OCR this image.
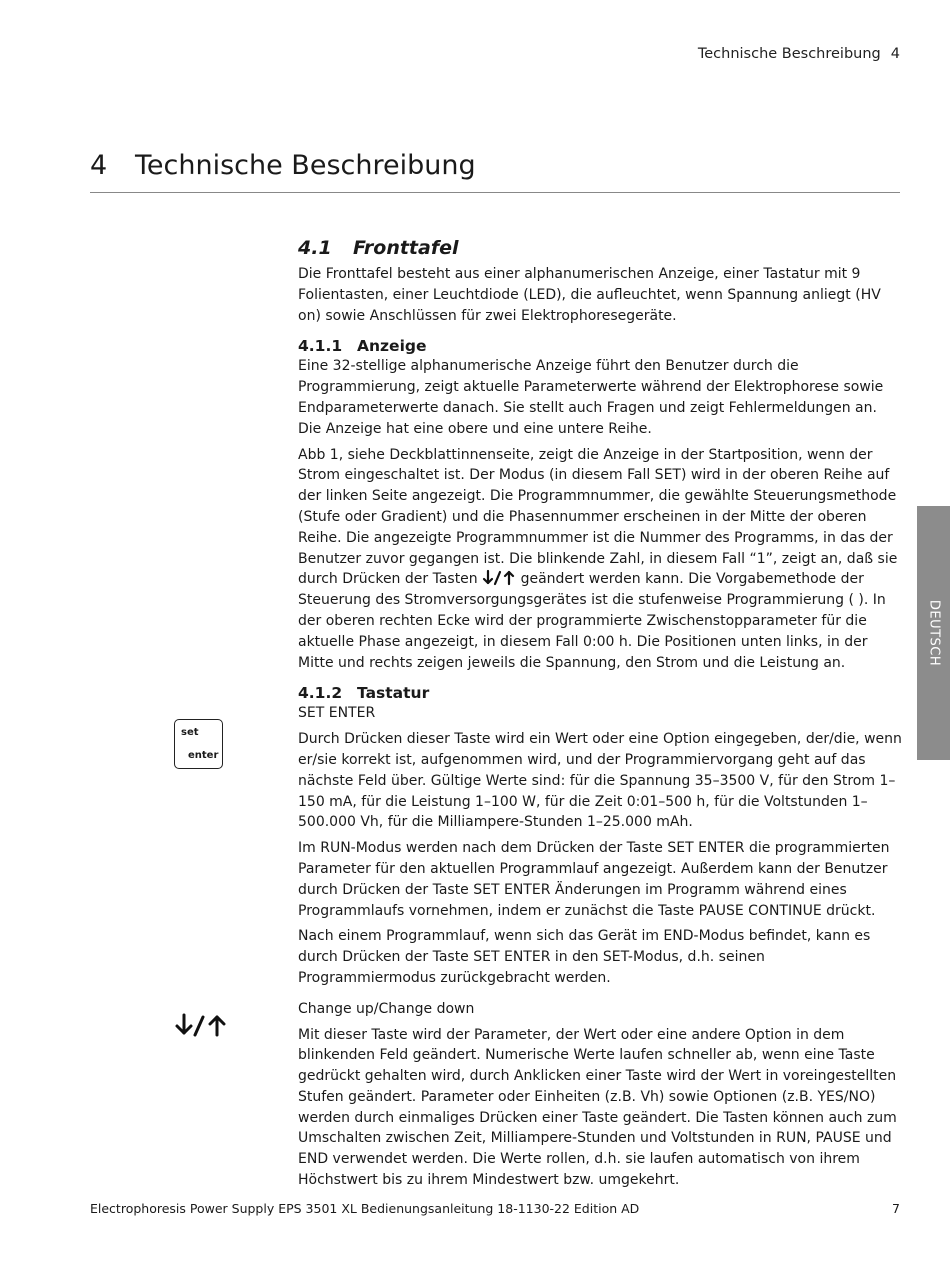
Technische Beschreibung 4
4 Technische Beschreibung
DEUTSCH
set
enter
4.1 Fronttafel

Die Fronttafel besteht aus einer alphanumerischen Anzeige, einer Tastatur mit 9 Folientasten, einer Leuchtdiode (LED), die aufleuchtet, wenn Spannung anliegt (HV on) sowie Anschlüssen für zwei Elektrophoresegeräte.

4.1.1 Anzeige

Eine 32-stellige alphanumerische Anzeige führt den Benutzer durch die Programmierung, zeigt aktuelle Parameterwerte während der Elektrophorese sowie Endparameterwerte danach. Sie stellt auch Fragen und zeigt Fehlermeldungen an. Die Anzeige hat eine obere und eine untere Reihe.

Abb 1, siehe Deckblattinnenseite, zeigt die Anzeige in der Startposition, wenn der Strom eingeschaltet ist. Der Modus (in diesem Fall SET) wird in der oberen Reihe auf der linken Seite angezeigt. Die Programmnummer, die gewählte Steuerungsmethode (Stufe oder Gradient) und die Phasennummer erscheinen in der Mitte der oberen Reihe. Die angezeigte Programmnummer ist die Nummer des Programms, in das der Benutzer zuvor gegangen ist. Die blinkende Zahl, in diesem Fall “1”, zeigt an, daß sie durch Drücken der Tasten	geändert werden kann. Die Vorgabemethode der Steuerung des Stromversorgungsgerätes ist die stufenweise Programmierung ( ). In der oberen rechten Ecke wird der programmierte Zwischenstopparameter für die aktuelle Phase angezeigt, in diesem Fall 0:00 h. Die Positionen unten links, in der Mitte und rechts zeigen jeweils die Spannung, den Strom und die Leistung an.

4.1.2 Tastatur

SET ENTER

Durch Drücken dieser Taste wird ein Wert oder eine Option eingegeben, der/die, wenn er/sie korrekt ist, aufgenommen wird, und der Programmiervorgang geht auf das nächste Feld über. Gültige Werte sind: für die Spannung 35–3500 V, für den Strom 1–150 mA, für die Leistung 1–100 W, für die Zeit 0:01–500 h, für die Voltstunden 1–500.000 Vh, für die Milliampere-Stunden 1–25.000 mAh.

Im RUN-Modus werden nach dem Drücken der Taste SET ENTER die programmierten Parameter für den aktuellen Programmlauf angezeigt. Außerdem kann der Benutzer durch Drücken der Taste SET ENTER Änderungen im Programm während eines Programmlaufs vornehmen, indem er zunächst die Taste PAUSE CONTINUE drückt.

Nach einem Programmlauf, wenn sich das Gerät im END-Modus befindet, kann es durch Drücken der Taste SET ENTER in den SET-Modus, d.h. seinen Programmiermodus zurückgebracht werden.

Change up/Change down

Mit dieser Taste wird der Parameter, der Wert oder eine andere Option in dem blinkenden Feld geändert. Numerische Werte laufen schneller ab, wenn eine Taste gedrückt gehalten wird, durch Anklicken einer Taste wird der Wert in voreingestellten Stufen geändert. Parameter oder Einheiten (z.B. Vh) sowie Optionen (z.B. YES/NO) werden durch einmaliges Drücken einer Taste geändert. Die Tasten können auch zum Umschalten zwischen Zeit, Milliampere-Stunden und Voltstunden in RUN, PAUSE und END verwendet werden. Die Werte rollen, d.h. sie laufen automatisch von ihrem Höchstwert bis zu ihrem Mindestwert bzw. umgekehrt.

Electrophoresis Power Supply EPS 3501 XL Bedienungsanleitung 18-1130-22 Edition AD	7
